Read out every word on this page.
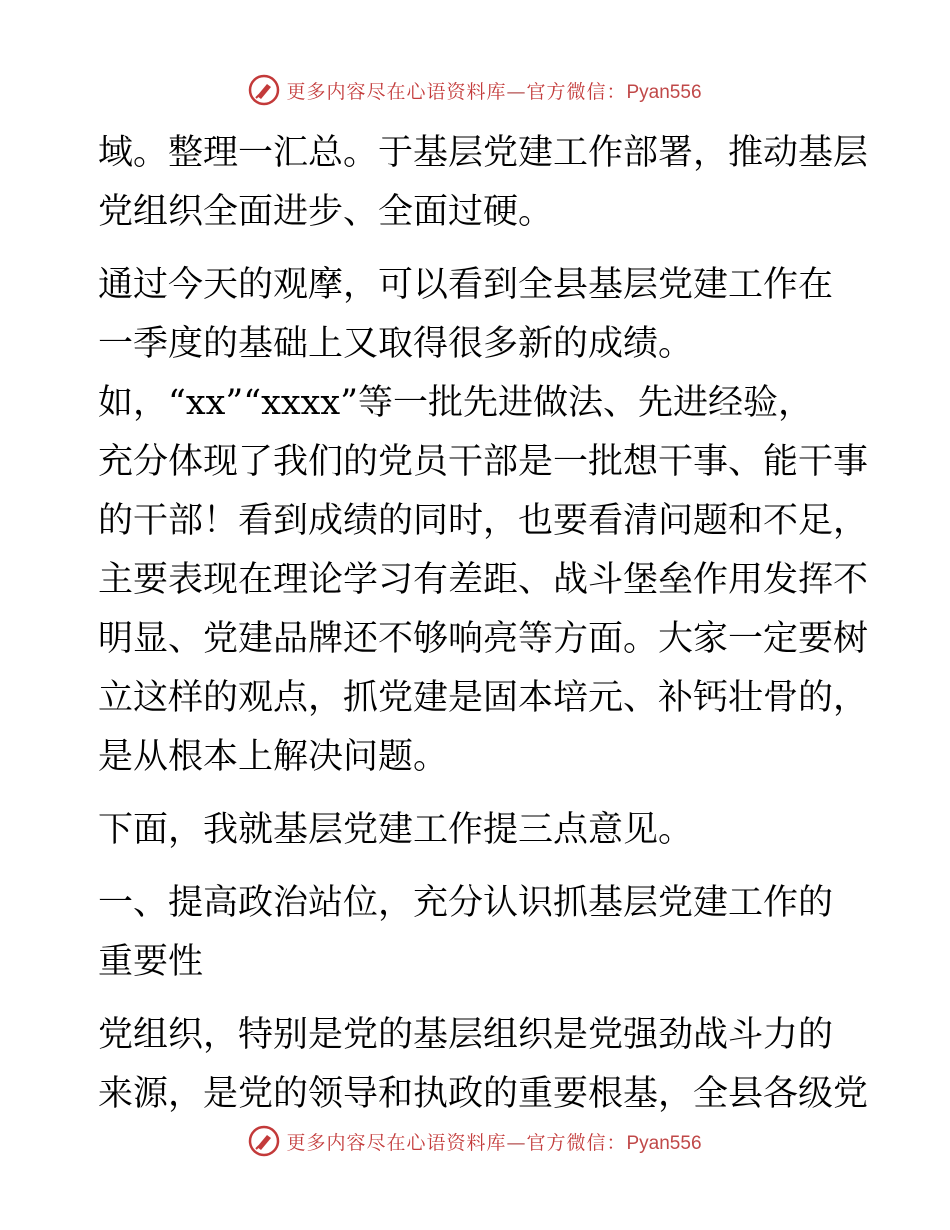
更多内容尽在心语资料库—官方微信：Pyan556

域。整理一汇总。于基层党建工作部署，推动基层
党组织全面进步、全面过硬。

通过今天的观摩，可以看到全县基层党建工作在
一季度的基础上又取得很多新的成绩。

如，“xx”“xxxx”等一批先进做法、先进经验，
充分体现了我们的党员干部是一批想干事、能干事
的干部！看到成绩的同时，也要看清问题和不足，
主要表现在理论学习有差距、战斗堡垒作用发挥不
明显、党建品牌还不够响亮等方面。大家一定要树
立这样的观点，抓党建是固本培元、补钙壮骨的，
是从根本上解决问题。

下面，我就基层党建工作提三点意见。

一、提高政治站位，充分认识抓基层党建工作的
重要性

党组织，特别是党的基层组织是党强劲战斗力的
来源，是党的领导和执政的重要根基，全县各级党

更多内容尽在心语资料库—官方微信：Pyan556
